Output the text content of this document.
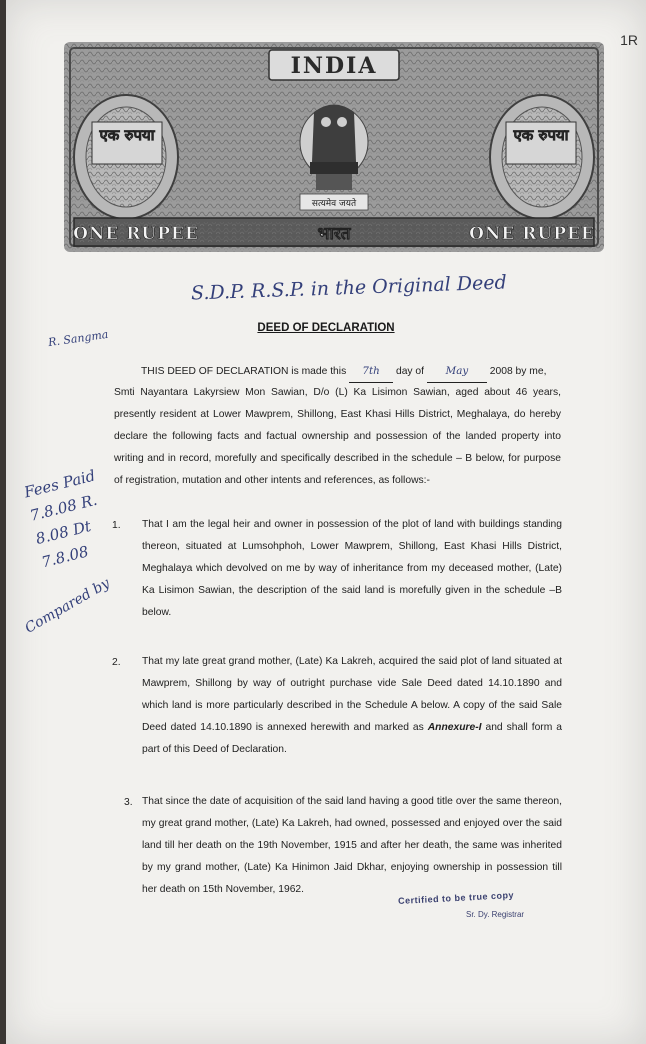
1R
INDIA
एक रुपया	एक रुपया
सत्यमेव जयते
ONE RUPEE	भारत	ONE RUPEE
S.D.P. R.S.P. in the Original Deed
R. Sangma
Fees Paid 7.8.08 R. 8.08 Dt 7.8.08
Compared by
DEED OF DECLARATION

THIS DEED OF DECLARATION is made this 7th day of May 2008 by me,

Smti Nayantara Lakyrsiew Mon Sawian, D/o (L) Ka Lisimon Sawian, aged about 46 years, presently resident at Lower Mawprem, Shillong, East Khasi Hills District, Meghalaya, do hereby declare the following facts and factual ownership and possession of the landed property into writing and in record, morefully and specifically described in the schedule – B below, for purpose of registration, mutation and other intents and references, as follows:-

1. That I am the legal heir and owner in possession of the plot of land with buildings standing thereon, situated at Lumsohphoh, Lower Mawprem, Shillong, East Khasi Hills District, Meghalaya which devolved on me by way of inheritance from my deceased mother, (Late) Ka Lisimon Sawian, the description of the said land is morefully given in the schedule –B below.

2. That my late great grand mother, (Late) Ka Lakreh, acquired the said plot of land situated at Mawprem, Shillong by way of outright purchase vide Sale Deed dated 14.10.1890 and which land is more particularly described in the Schedule A below. A copy of the said Sale Deed dated 14.10.1890 is annexed herewith and marked as Annexure-I and shall form a part of this Deed of Declaration.

3. That since the date of acquisition of the said land having a good title over the same thereon, my great grand mother, (Late) Ka Lakreh, had owned, possessed and enjoyed over the said land till her death on the 19th November, 1915 and after her death, the same was inherited by my grand mother, (Late) Ka Hinimon Jaid Dkhar, enjoying ownership in possession till her death on 15th November, 1962.

Certified to be true copy
Sr. Dy. Registrar
